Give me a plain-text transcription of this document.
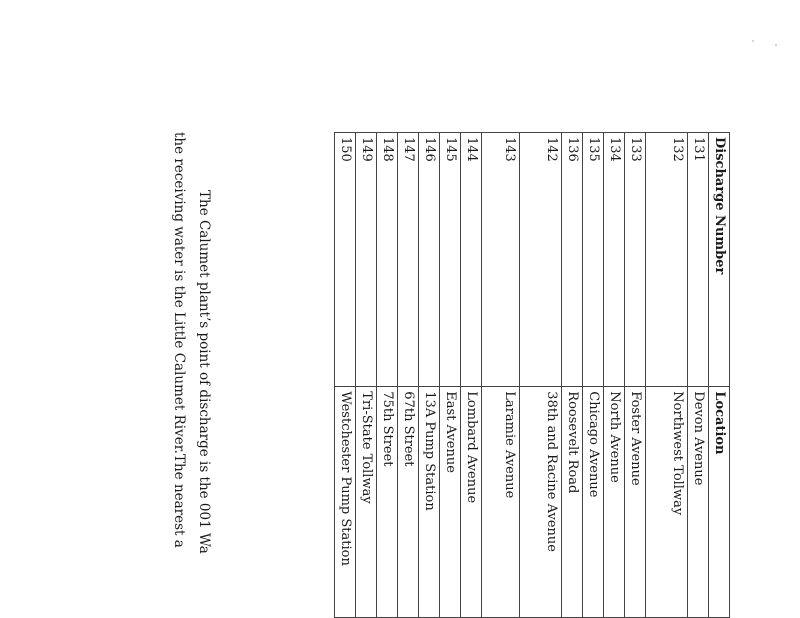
Discharge Number	Location
131	Devon Avenue
132	Northwest Tollway
133	Foster Avenue
134	North Avenue
135	Chicago Avenue
136	Roosevelt Road
142	38th and Racine Avenue
143	Laramie Avenue
144	Lombard Avenue
145	East Avenue
146	13A Pump Station
147	67th Street
148	75th Street
149	Tri-State Tollway
150	Westchester Pump Station
The Calumet plant’s point of discharge is the 001 Wa
the receiving water is the Little Calumet River.The nearest a
